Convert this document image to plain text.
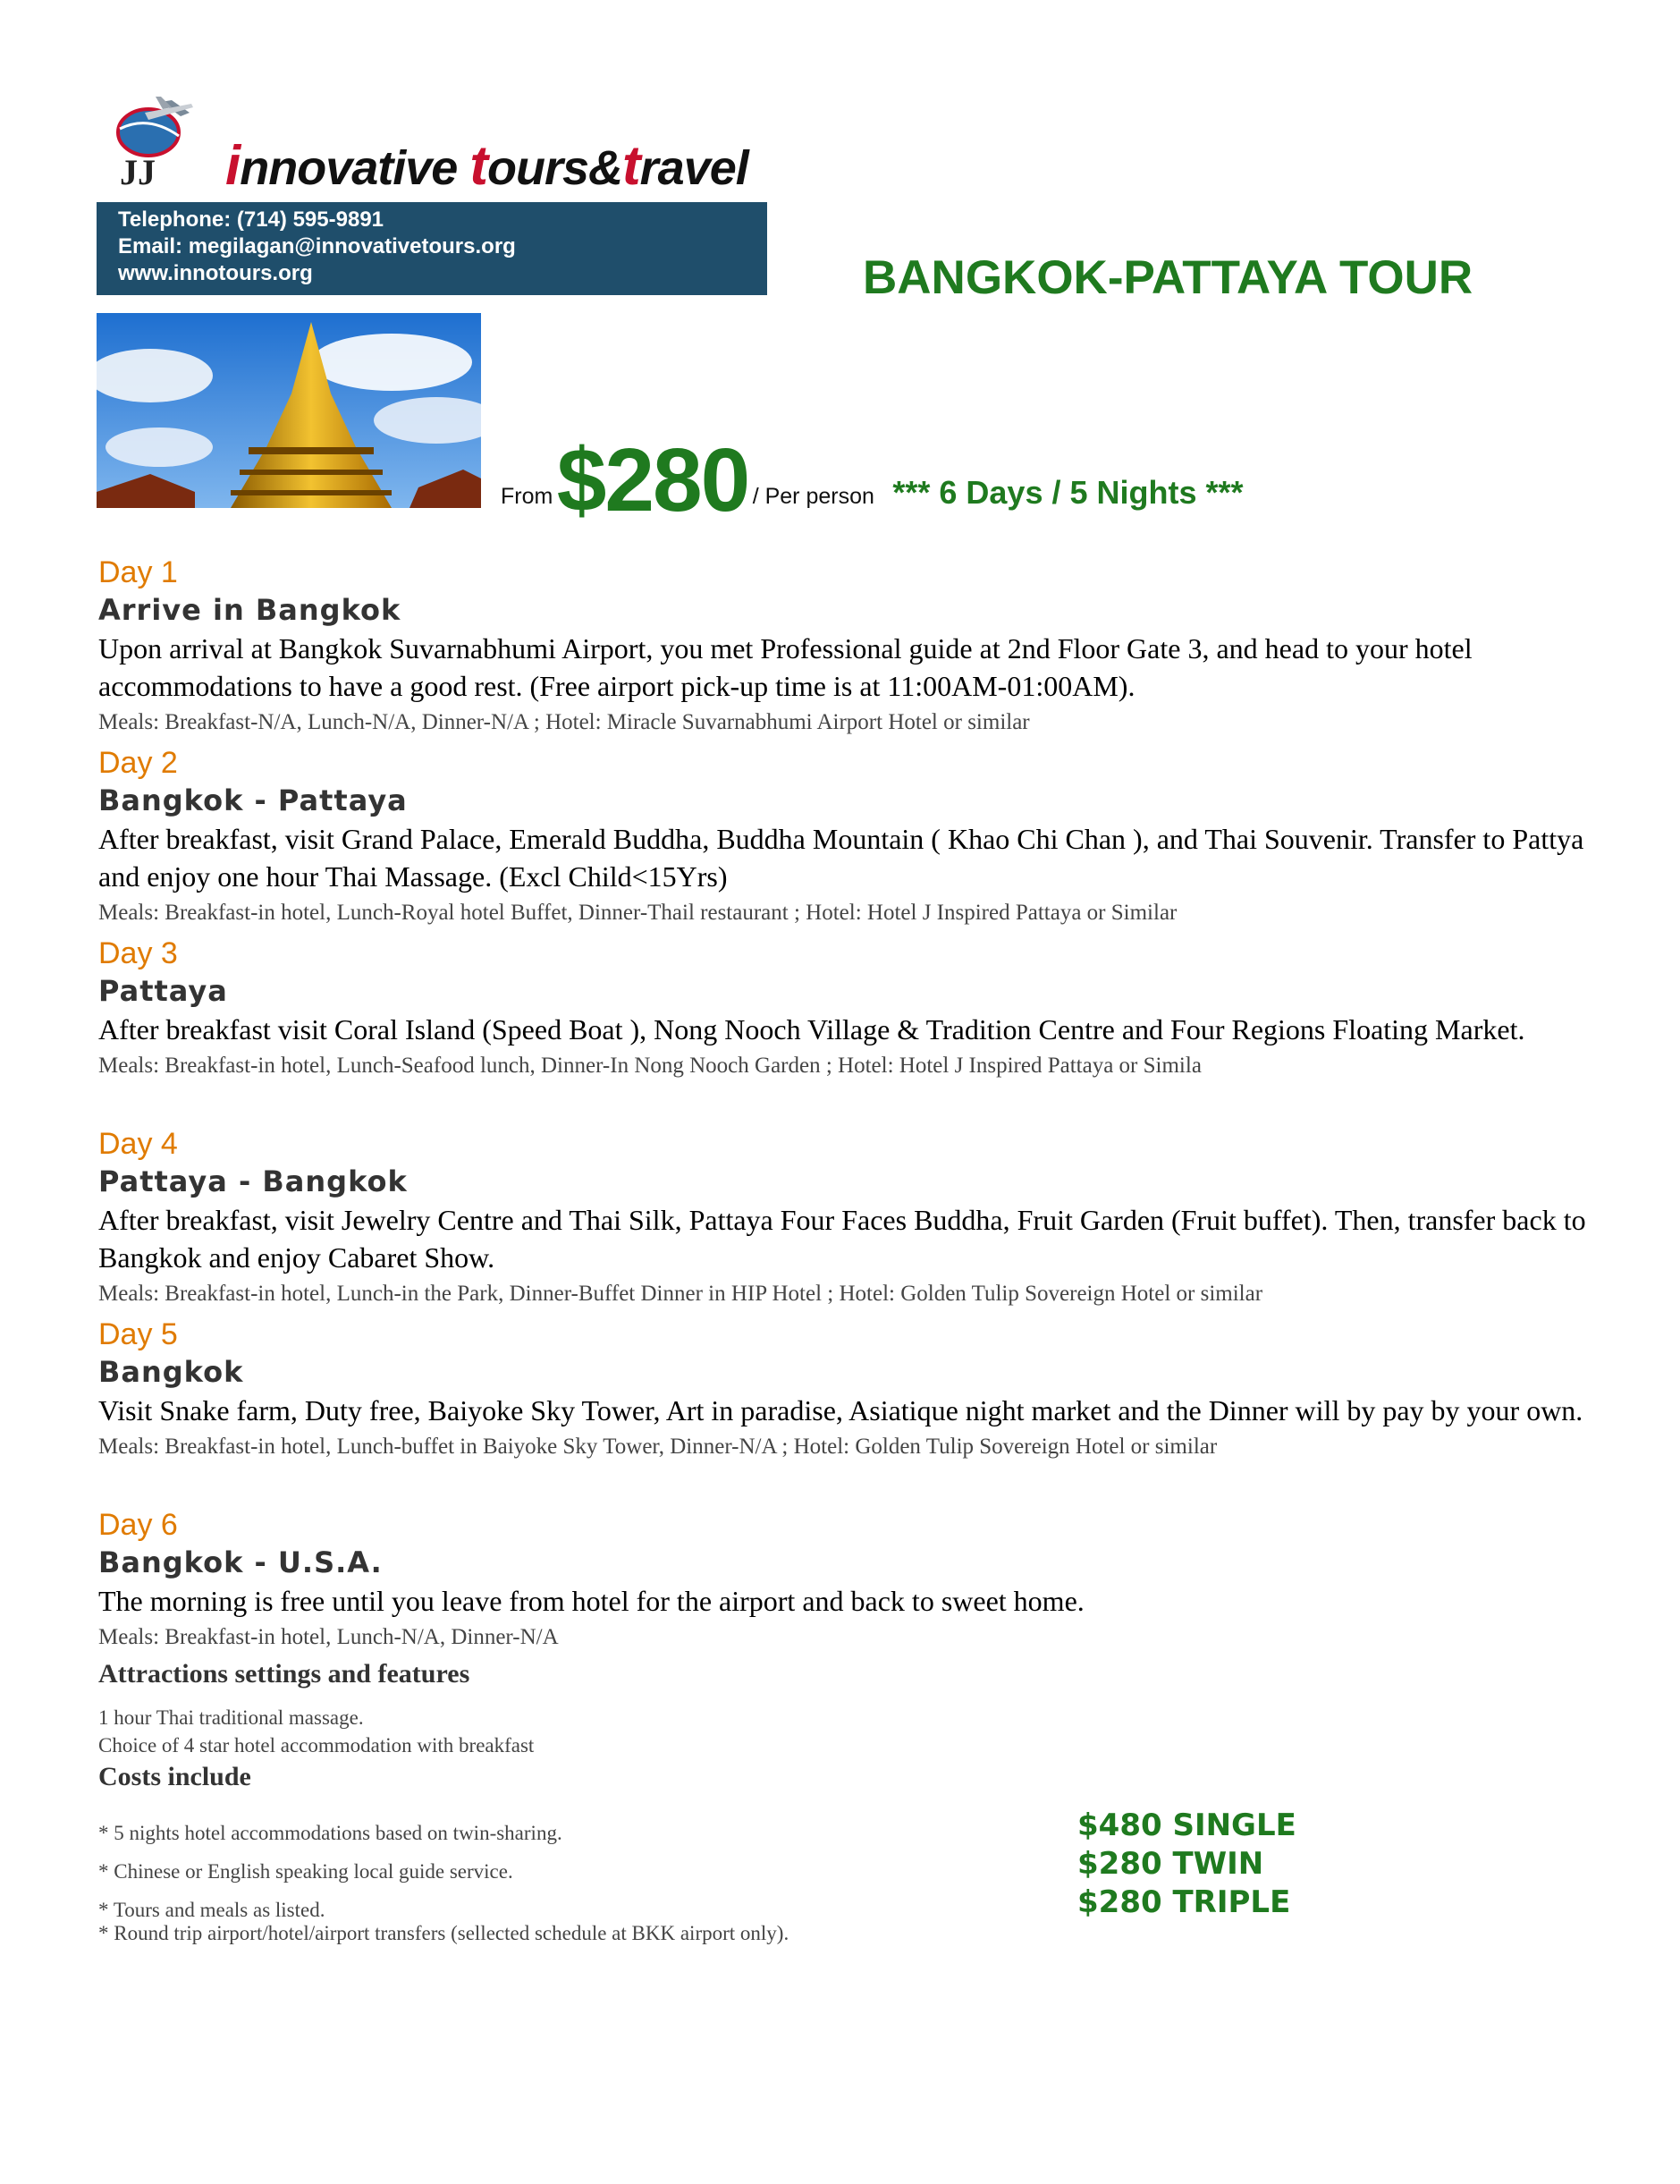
JJ innovative tours&travel
Telephone: (714) 595-9891
Email: megilagan@innovativetours.org
www.innotours.org	BANGKOK-PATTAYA TOUR
From $280 / Per person *** 6 Days / 5 Nights ***
Day 1
Arrive in Bangkok
Upon arrival at Bangkok Suvarnabhumi Airport, you met Professional guide at 2nd Floor Gate 3, and head to your hotel accommodations to have a good rest. (Free airport pick-up time is at 11:00AM-01:00AM).
Meals: Breakfast-N/A, Lunch-N/A, Dinner-N/A ; Hotel: Miracle Suvarnabhumi Airport Hotel or similar
Day 2
Bangkok - Pattaya
After breakfast, visit Grand Palace, Emerald Buddha, Buddha Mountain ( Khao Chi Chan ), and Thai Souvenir. Transfer to Pattya and enjoy one hour Thai Massage. (Excl Child<15Yrs)
Meals: Breakfast-in hotel, Lunch-Royal hotel Buffet, Dinner-Thail restaurant ; Hotel: Hotel J Inspired Pattaya or Similar
Day 3
Pattaya
After breakfast visit Coral Island (Speed Boat ), Nong Nooch Village & Tradition Centre and Four Regions Floating Market.
Meals: Breakfast-in hotel, Lunch-Seafood lunch, Dinner-In Nong Nooch Garden ; Hotel: Hotel J Inspired Pattaya or Simila
Day 4
Pattaya - Bangkok
After breakfast, visit Jewelry Centre and Thai Silk, Pattaya Four Faces Buddha, Fruit Garden (Fruit buffet). Then, transfer back to Bangkok and enjoy Cabaret Show.
Meals: Breakfast-in hotel, Lunch-in the Park, Dinner-Buffet Dinner in HIP Hotel ; Hotel: Golden Tulip Sovereign Hotel or similar
Day 5
Bangkok
Visit Snake farm, Duty free, Baiyoke Sky Tower, Art in paradise, Asiatique night market and the Dinner will by pay by your own.
Meals: Breakfast-in hotel, Lunch-buffet in Baiyoke Sky Tower, Dinner-N/A ; Hotel: Golden Tulip Sovereign Hotel or similar
Day 6
Bangkok - U.S.A.
The morning is free until you leave from hotel for the airport and back to sweet home.
Meals: Breakfast-in hotel, Lunch-N/A, Dinner-N/A
Attractions settings and features
1 hour Thai traditional massage.
Choice of 4 star hotel accommodation with breakfast
Costs include
* 5 nights hotel accommodations based on twin-sharing.
* Chinese or English speaking local guide service.
* Tours and meals as listed.
* Round trip airport/hotel/airport transfers (sellected schedule at BKK airport only).
$480 SINGLE
$280 TWIN
$280 TRIPLE
